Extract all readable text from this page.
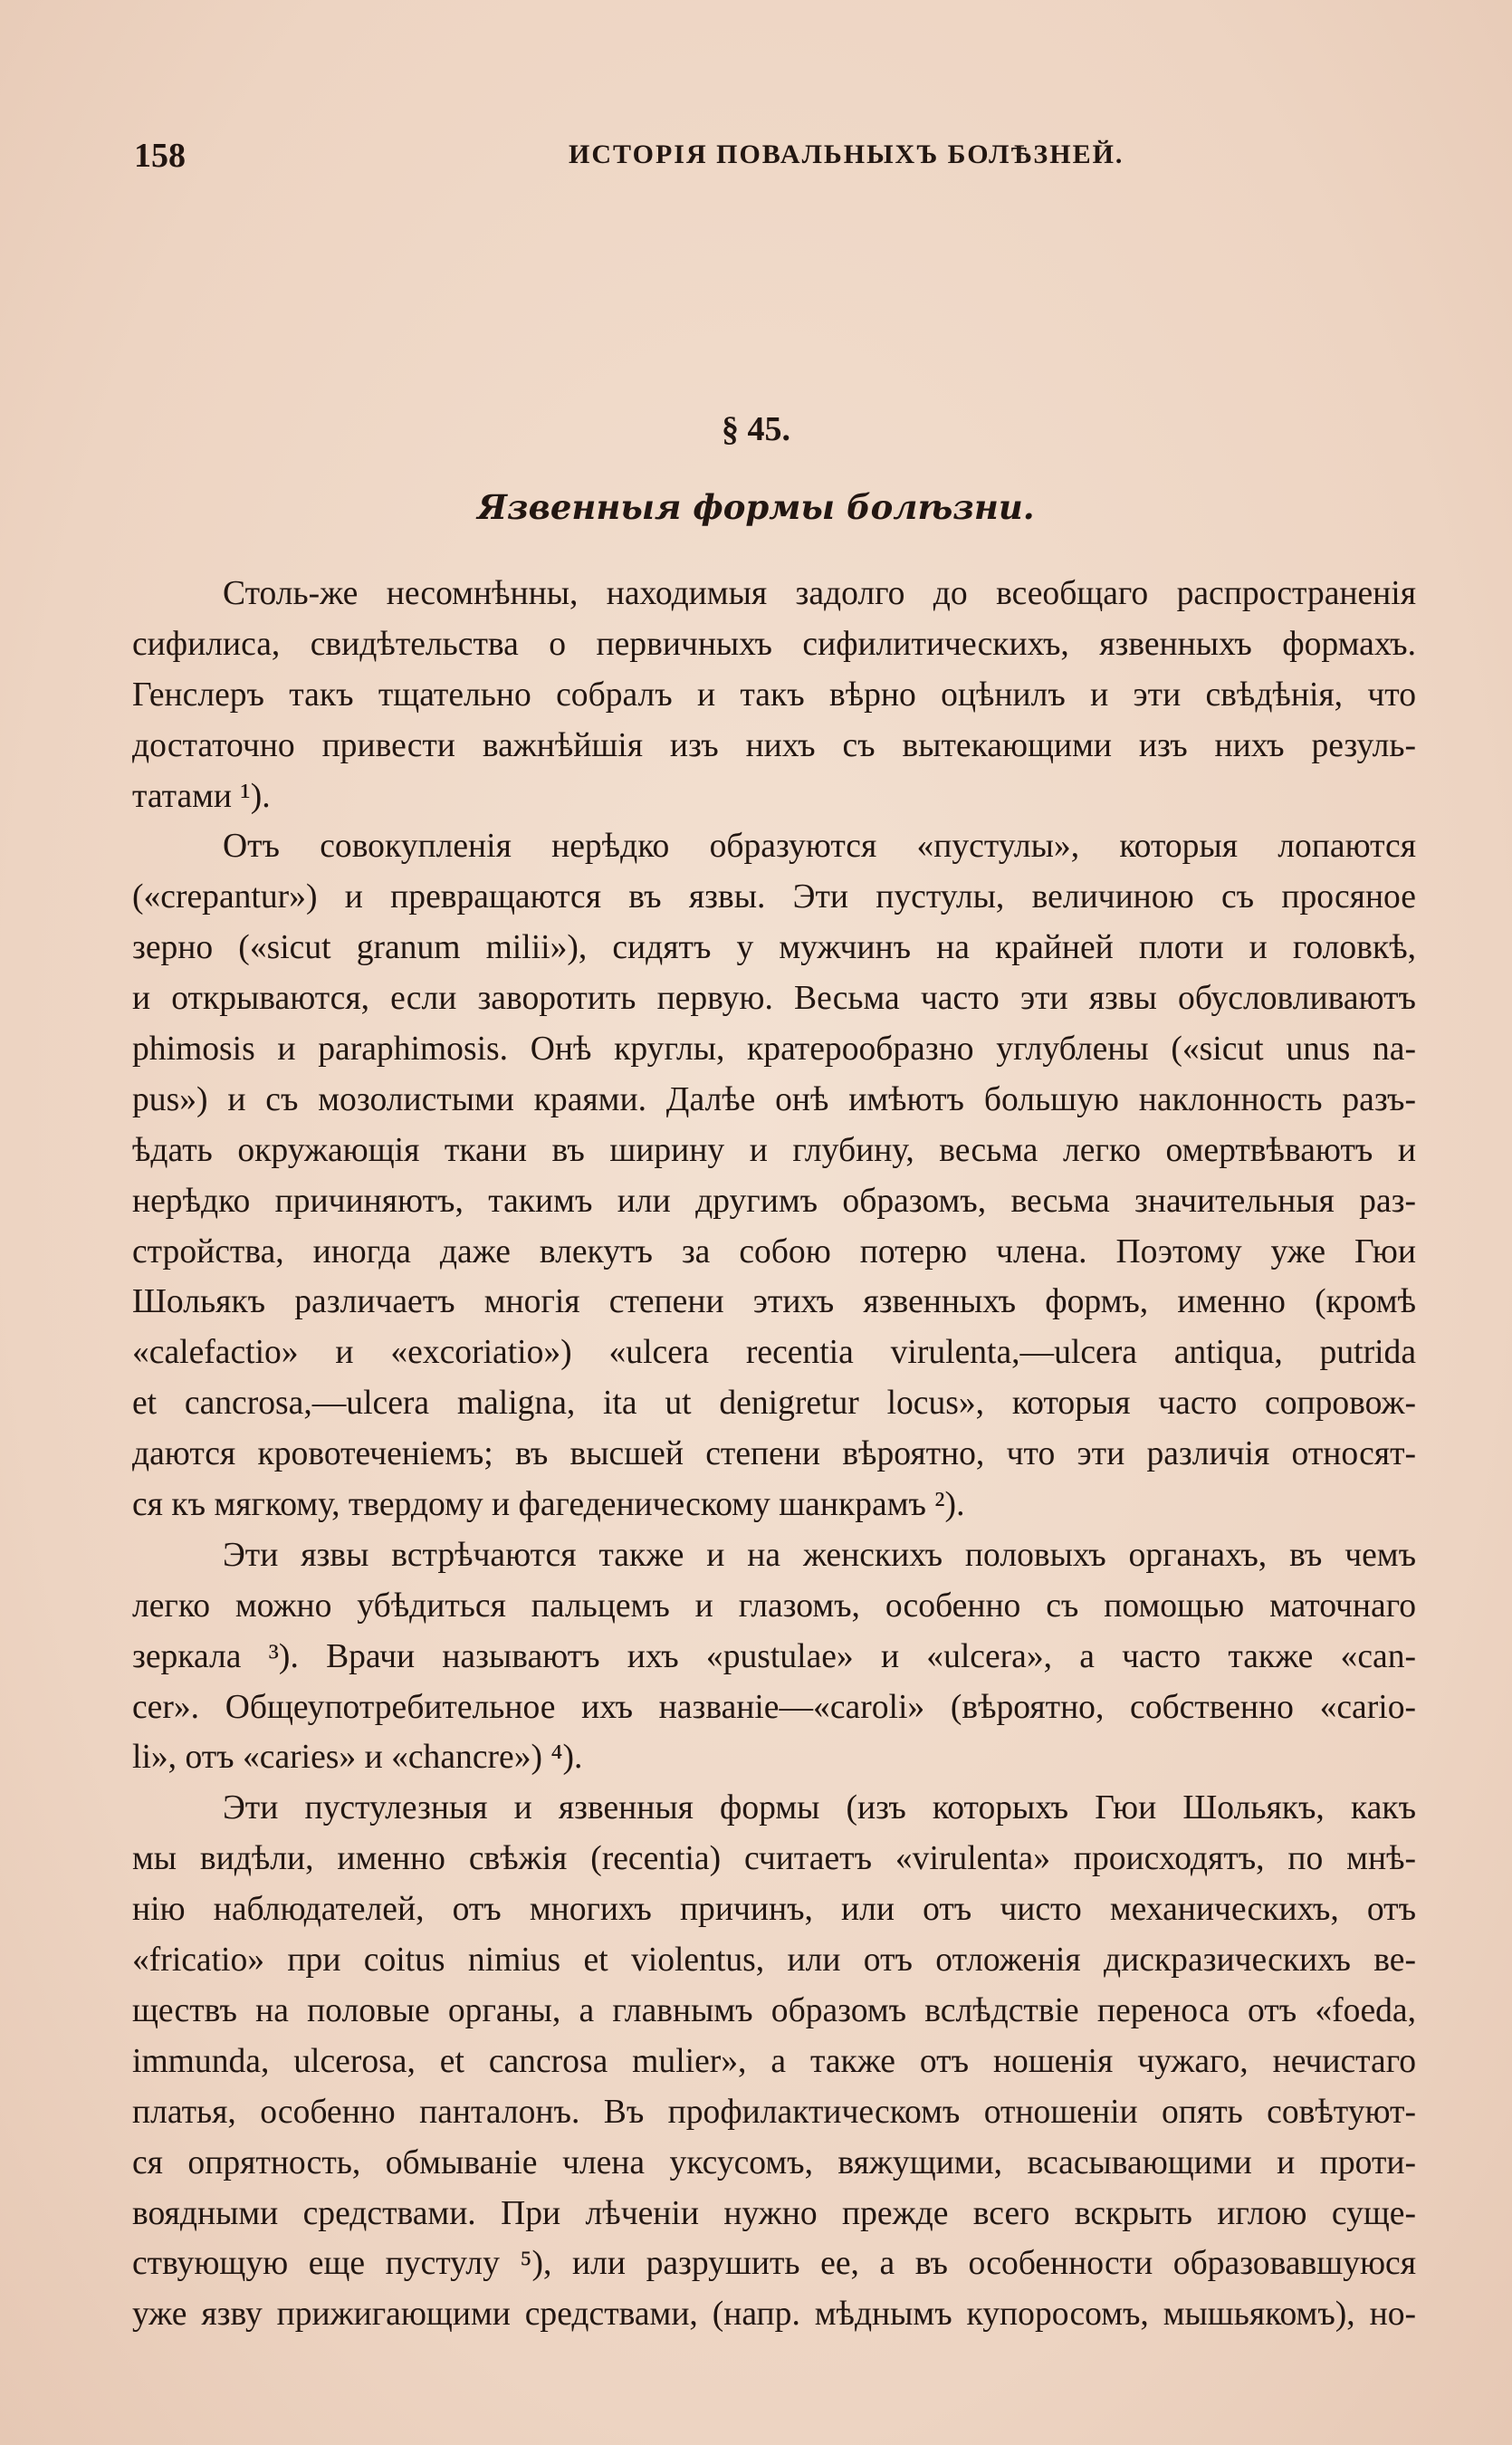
158	ИСТОРІЯ ПОВАЛЬНЫХЪ БОЛѢЗНЕЙ.
§ 45.
Язвенныя формы болѣзни.
Столь-же несомнѣнны, находимыя задолго до всеобщаго распространенія
сифилиса, свидѣтельства о первичныхъ сифилитическихъ, язвенныхъ формахъ.
Генслеръ такъ тщательно собралъ и такъ вѣрно оцѣнилъ и эти свѣдѣнія, что
достаточно привести важнѣйшія изъ нихъ съ вытекающими изъ нихъ резуль-
татами ¹).
Отъ совокупленія нерѣдко образуются «пустулы», которыя лопаются
(«crepantur») и превращаются въ язвы. Эти пустулы, величиною съ просяное
зерно («sicut granum milii»), сидятъ у мужчинъ на крайней плоти и головкѣ,
и открываются, если заворотить первую. Весьма часто эти язвы обусловливаютъ
phimosis и paraphimosis. Онѣ круглы, кратерообразно углублены («sicut unus na-
pus») и съ мозолистыми краями. Далѣе онѣ имѣютъ большую наклонность разъ-
ѣдать окружающія ткани въ ширину и глубину, весьма легко омертвѣваютъ и
нерѣдко причиняютъ, такимъ или другимъ образомъ, весьма значительныя раз-
стройства, иногда даже влекутъ за собою потерю члена. Поэтому уже Гюи
Шольякъ различаетъ многія степени этихъ язвенныхъ формъ, именно (кромѣ
«calefactio» и «excoriatio») «ulcera recentia virulenta,—ulcera antiqua, putrida
et cancrosa,—ulcera maligna, ita ut denigretur locus», которыя часто сопровож-
даются кровотеченіемъ; въ высшей степени вѣроятно, что эти различія относят-
ся къ мягкому, твердому и фагеденическому шанкрамъ ²).
Эти язвы встрѣчаются также и на женскихъ половыхъ органахъ, въ чемъ
легко можно убѣдиться пальцемъ и глазомъ, особенно съ помощью маточнаго
зеркала ³). Врачи называютъ ихъ «pustulae» и «ulcera», а часто также «can-
cer». Общеупотребительное ихъ названіе—«caroli» (вѣроятно, собственно «cario-
li», отъ «caries» и «chancre») ⁴).
Эти пустулезныя и язвенныя формы (изъ которыхъ Гюи Шольякъ, какъ
мы видѣли, именно свѣжія (recentia) считаетъ «virulenta» происходятъ, по мнѣ-
нію наблюдателей, отъ многихъ причинъ, или отъ чисто механическихъ, отъ
«fricatio» при coitus nimius et violentus, или отъ отложенія дискразическихъ ве-
ществъ на половые органы, а главнымъ образомъ вслѣдствіе переноса отъ «foeda,
immunda, ulcerosa, et cancrosa mulier», а также отъ ношенія чужаго, нечистаго
платья, особенно панталонъ. Въ профилактическомъ отношеніи опять совѣтуют-
ся опрятность, обмываніе члена уксусомъ, вяжущими, всасывающими и проти-
воядными средствами. При лѣченіи нужно прежде всего вскрыть иглою суще-
ствующую еще пустулу ⁵), или разрушить ее, а въ особенности образовавшуюся
уже язву прижигающими средствами, (напр. мѣднымъ купоросомъ, мышьякомъ), но-
